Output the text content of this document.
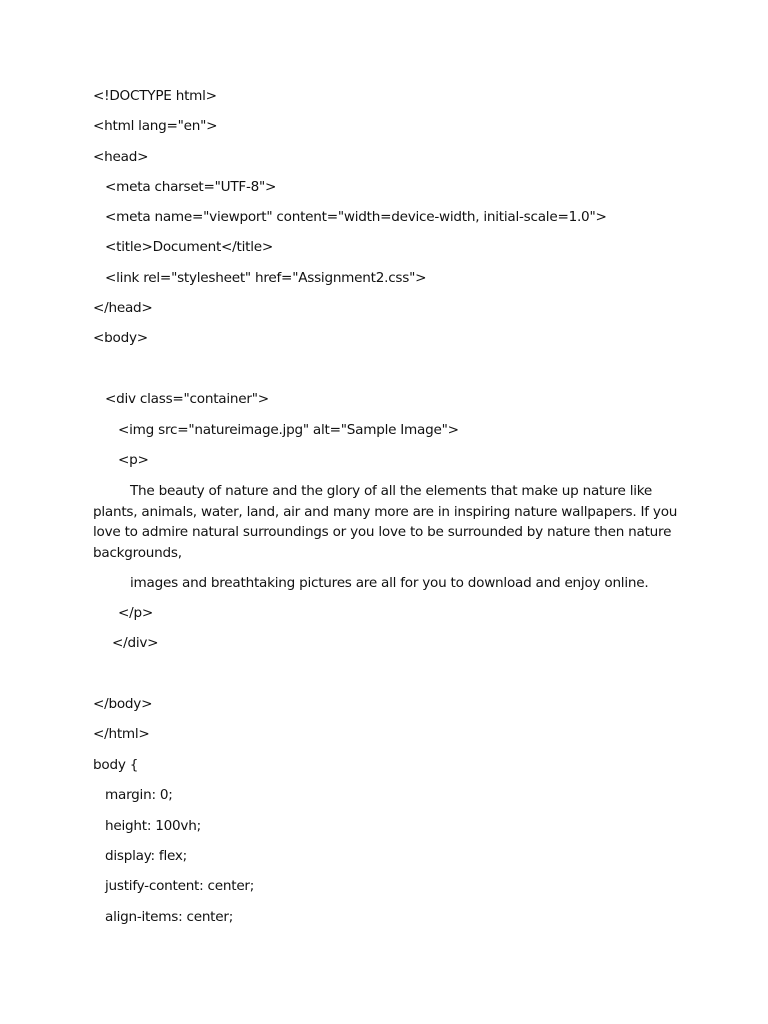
<!DOCTYPE html>
<html lang="en">
<head>
<meta charset="UTF-8">
<meta name="viewport" content="width=device-width, initial-scale=1.0">
<title>Document</title>
<link rel="stylesheet" href="Assignment2.css">
</head>
<body>
<div class="container">
<img src="natureimage.jpg" alt="Sample Image">
<p>
The beauty of nature and the glory of all the elements that make up nature like
plants, animals, water, land, air and many more are in inspiring nature wallpapers. If you love to admire natural surroundings or you love to be surrounded by nature then nature backgrounds,
images and breathtaking pictures are all for you to download and enjoy online.
</p>
</div>
</body>
</html>
body {
margin: 0;
height: 100vh;
display: flex;
justify-content: center;
align-items: center;
